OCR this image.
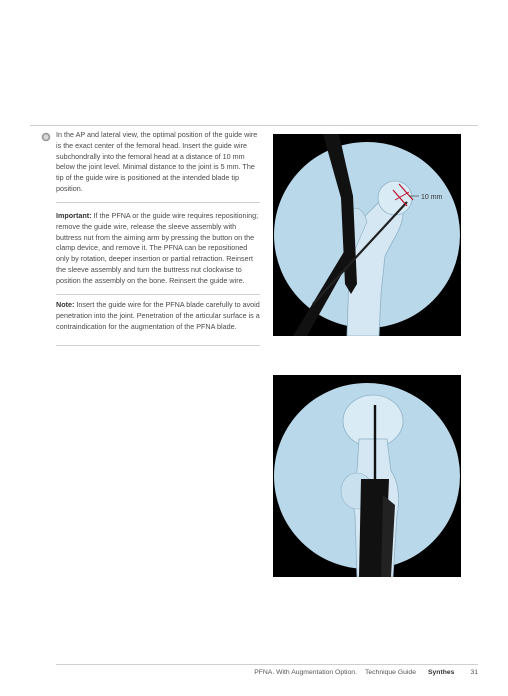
In the AP and lateral view, the optimal position of the guide wire is the exact center of the femoral head. Insert the guide wire subchondrally into the femoral head at a distance of 10 mm below the joint level. Minimal distance to the joint is 5 mm. The tip of the guide wire is positioned at the intended blade tip position.

Important: If the PFNA or the guide wire requires repositioning; remove the guide wire, release the sleeve assembly with buttress nut from the aiming arm by pressing the button on the clamp device, and remove it. The PFNA can be repositioned only by rotation, deeper insertion or partial retraction. Reinsert the sleeve assembly and turn the buttress nut clockwise to position the assembly on the bone. Reinsert the guide wire.

Note: Insert the guide wire for the PFNA blade carefully to avoid penetration into the joint. Penetration of the articular surface is a contraindication for the augmentation of the PFNA blade.

10 mm
PFNA. With Augmentation Option. Technique Guide Synthes 31
